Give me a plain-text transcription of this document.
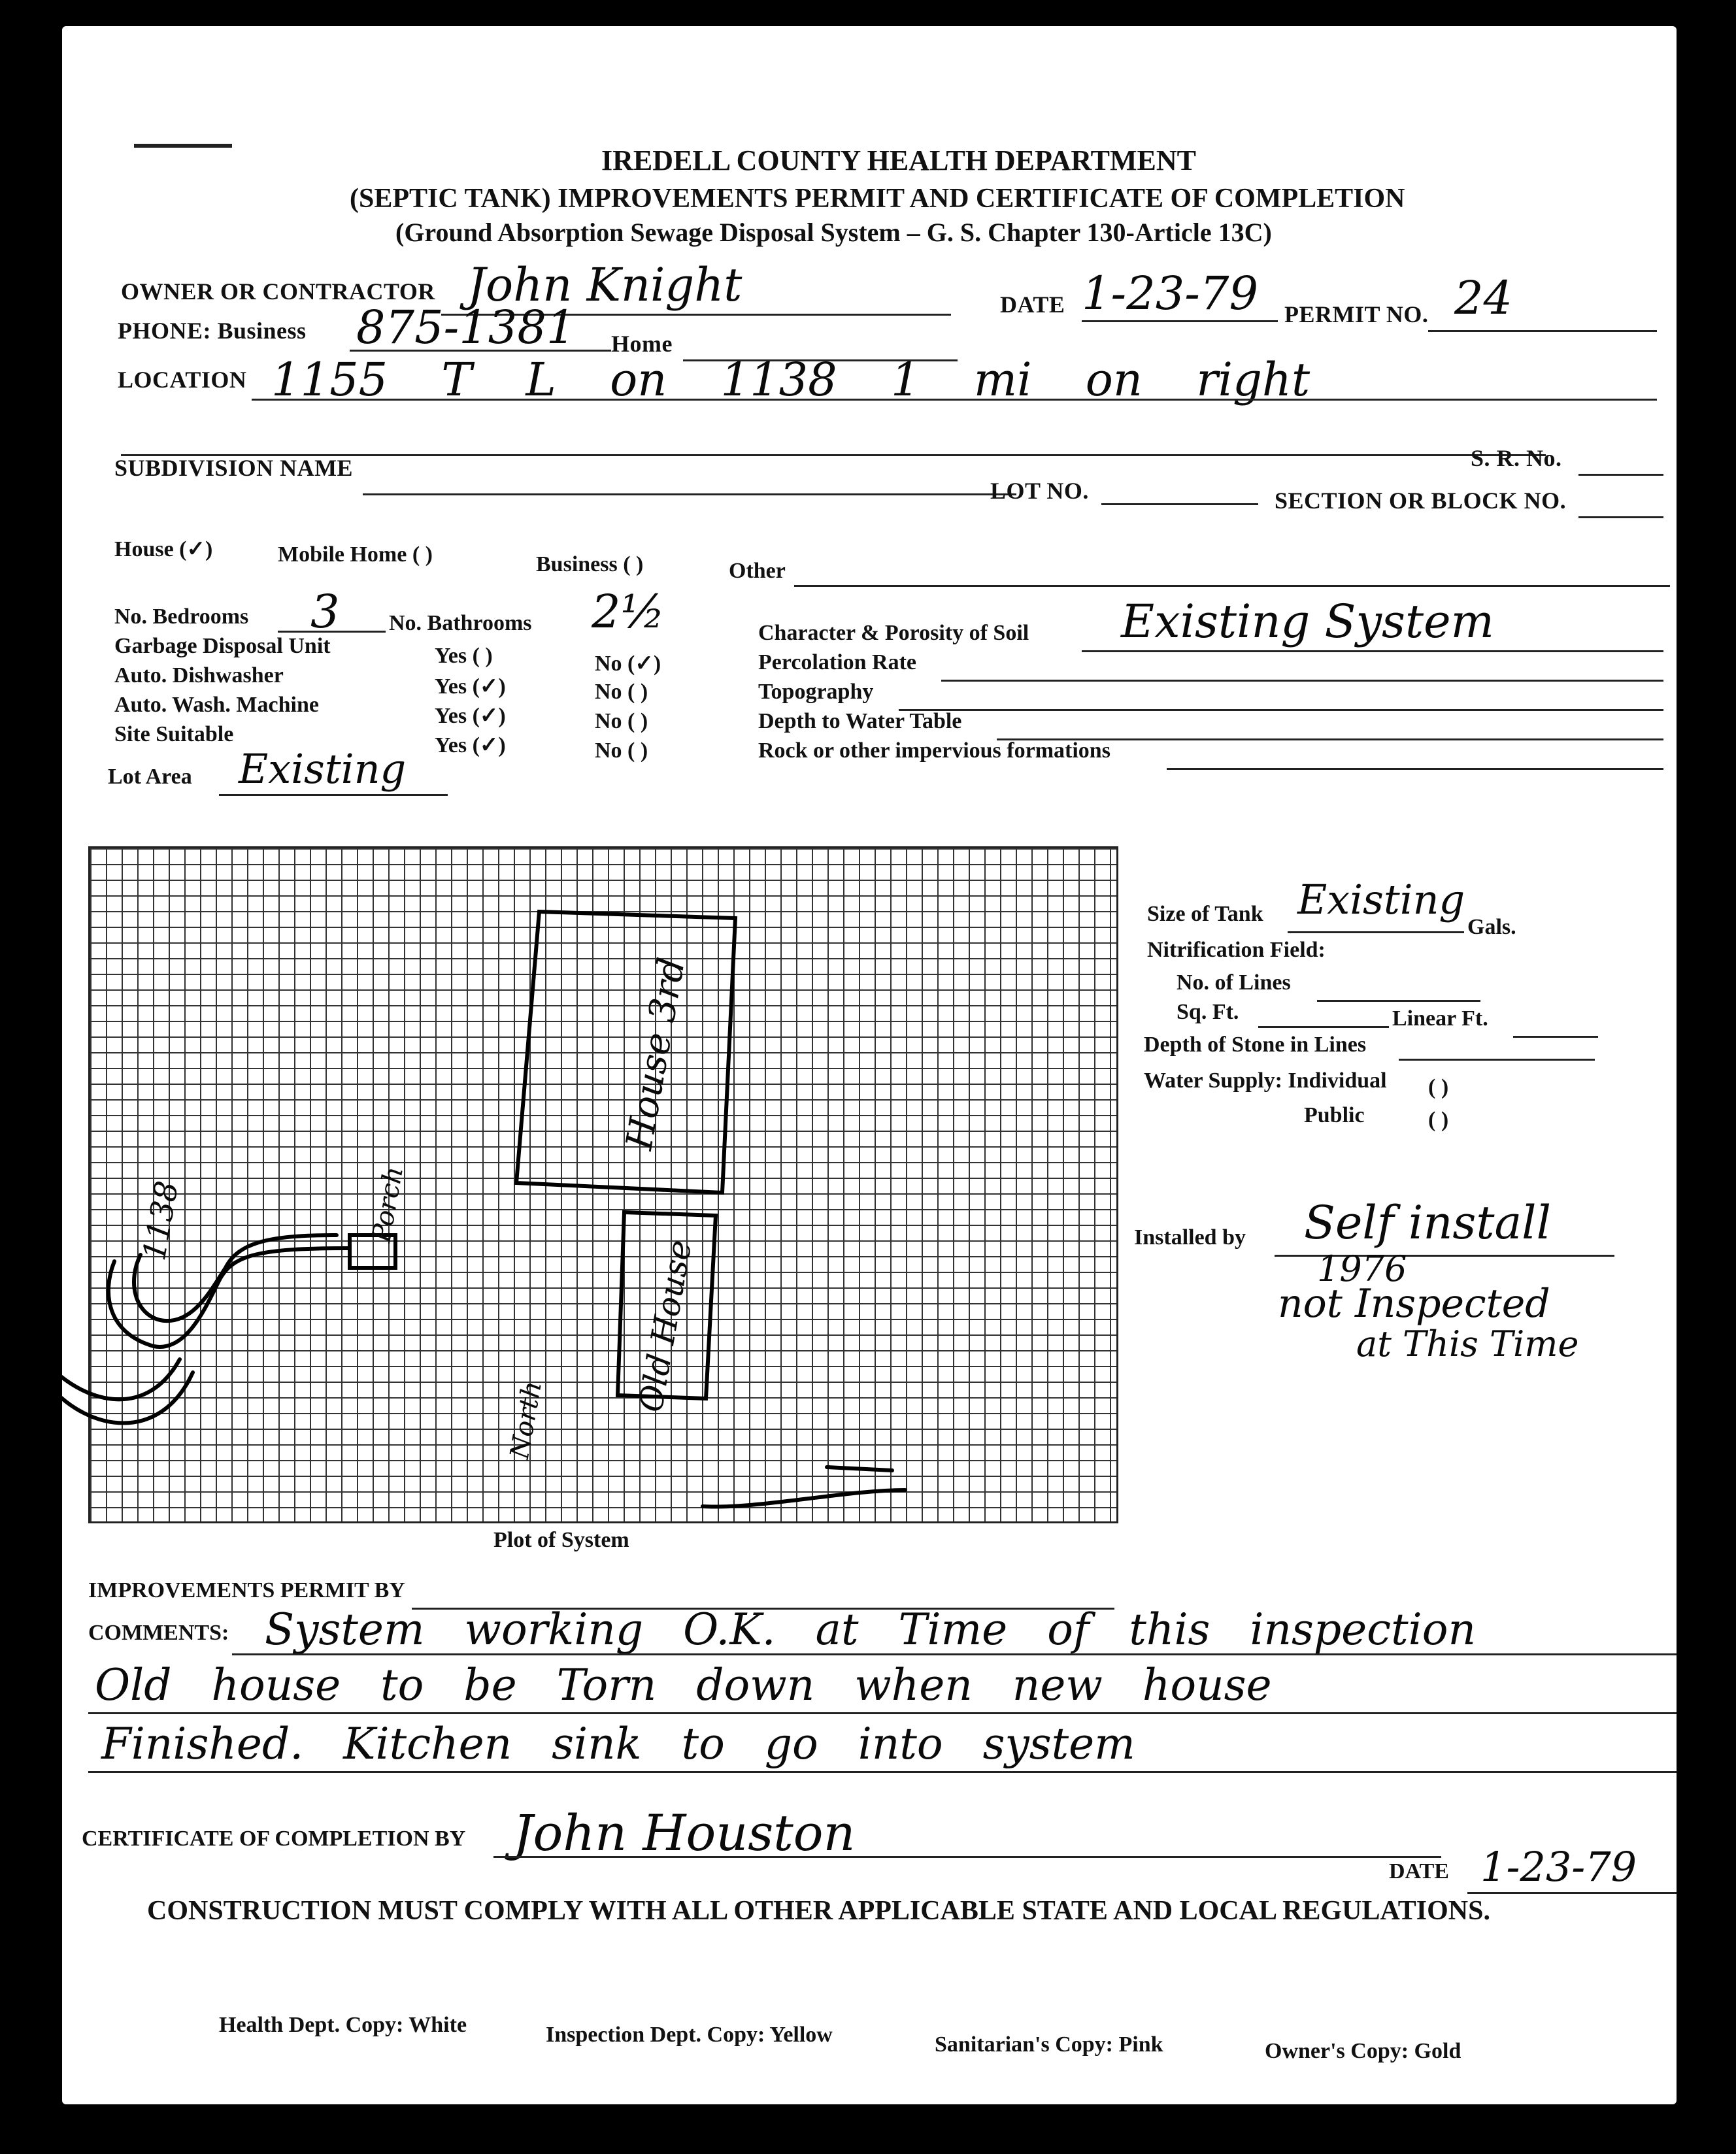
IREDELL COUNTY HEALTH DEPARTMENT
(SEPTIC TANK) IMPROVEMENTS PERMIT AND CERTIFICATE OF COMPLETION
(Ground Absorption Sewage Disposal System – G. S. Chapter 130-Article 13C)
OWNER OR CONTRACTOR John Knight	DATE 1-23-79 PERMIT NO. 24
PHONE: Business 875-1381 Home
LOCATION 1155 T L on 1138 1 mi on right
S. R. No.
SUBDIVISION NAME
LOT NO.	SECTION OR BLOCK NO.
House (✓)	Mobile Home ( )	Business ( )	Other
No. Bedrooms 3 No. Bathrooms 2½
Garbage Disposal Unit	Yes ( )	No (✓)
Auto. Dishwasher	Yes (✓)	No ( )
Auto. Wash. Machine	Yes (✓)	No ( )
Site Suitable	Yes (✓)	No ( )
Lot Area Existing
Character & Porosity of Soil Existing System
Percolation Rate
Topography
Depth to Water Table
Rock or other impervious formations
House 3rd
Old House
1138	Porch
North
Plot of System
Size of Tank Existing
Gals.
Nitrification Field:
No. of Lines
Sq. Ft.	Linear Ft.
Depth of Stone in Lines
Water Supply: Individual ( )
Public	( )
Installed by Self install
1976
not Inspected
at This Time
IMPROVEMENTS PERMIT BY
COMMENTS: System working O.K. at Time of this inspection
Old house to be Torn down when new house
Finished. Kitchen sink to go into system
CERTIFICATE OF COMPLETION BY John Houston
DATE 1-23-79
CONSTRUCTION MUST COMPLY WITH ALL OTHER APPLICABLE STATE AND LOCAL REGULATIONS.
Health Dept. Copy: White	Inspection Dept. Copy: Yellow	Sanitarian's Copy: Pink	Owner's Copy: Gold
